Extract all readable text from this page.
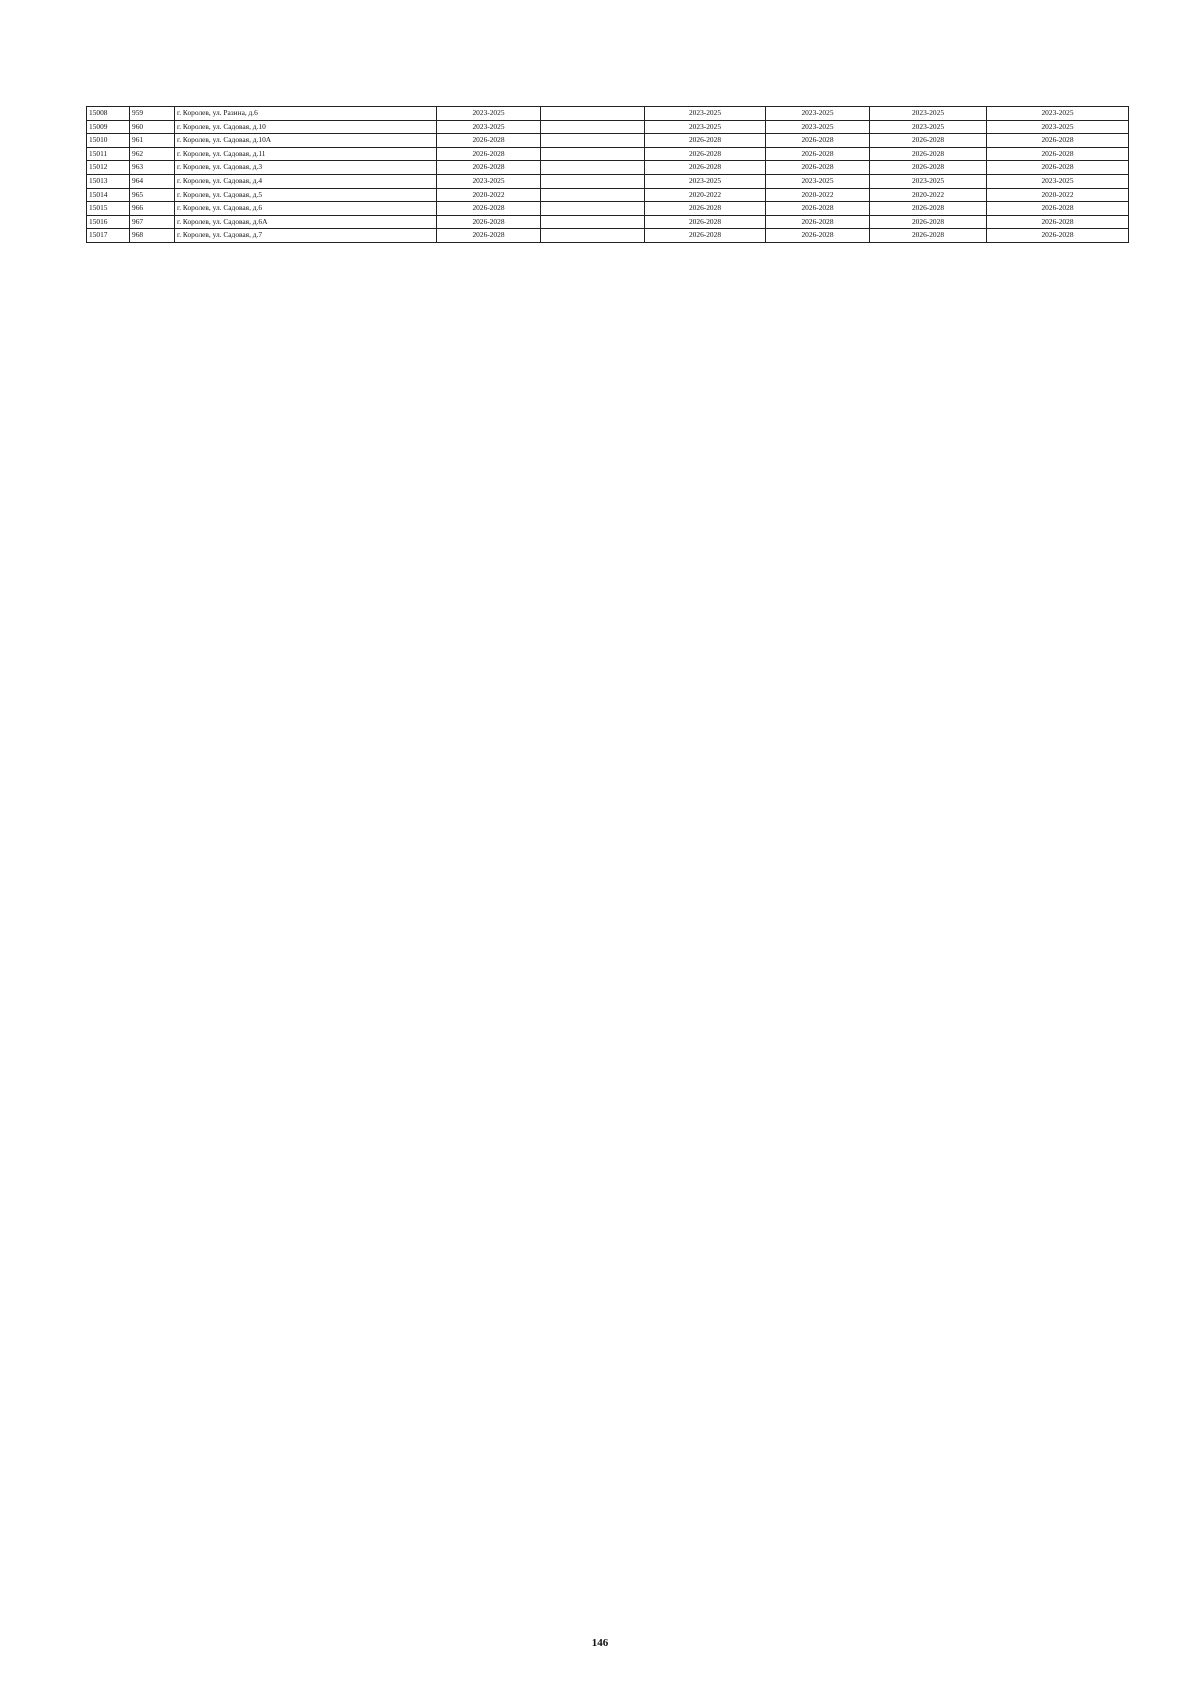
15008	959	г. Королев, ул. Разина, д.6	2023-2025		2023-2025	2023-2025	2023-2025	2023-2025
15009	960	г. Королев, ул. Садовая, д.10	2023-2025		2023-2025	2023-2025	2023-2025	2023-2025
15010	961	г. Королев, ул. Садовая, д.10А	2026-2028		2026-2028	2026-2028	2026-2028	2026-2028
15011	962	г. Королев, ул. Садовая, д.11	2026-2028		2026-2028	2026-2028	2026-2028	2026-2028
15012	963	г. Королев, ул. Садовая, д.3	2026-2028		2026-2028	2026-2028	2026-2028	2026-2028
15013	964	г. Королев, ул. Садовая, д.4	2023-2025		2023-2025	2023-2025	2023-2025	2023-2025
15014	965	г. Королев, ул. Садовая, д.5	2020-2022		2020-2022	2020-2022	2020-2022	2020-2022
15015	966	г. Королев, ул. Садовая, д.6	2026-2028		2026-2028	2026-2028	2026-2028	2026-2028
15016	967	г. Королев, ул. Садовая, д.6А	2026-2028		2026-2028	2026-2028	2026-2028	2026-2028
15017	968	г. Королев, ул. Садовая, д.7	2026-2028		2026-2028	2026-2028	2026-2028	2026-2028
146
